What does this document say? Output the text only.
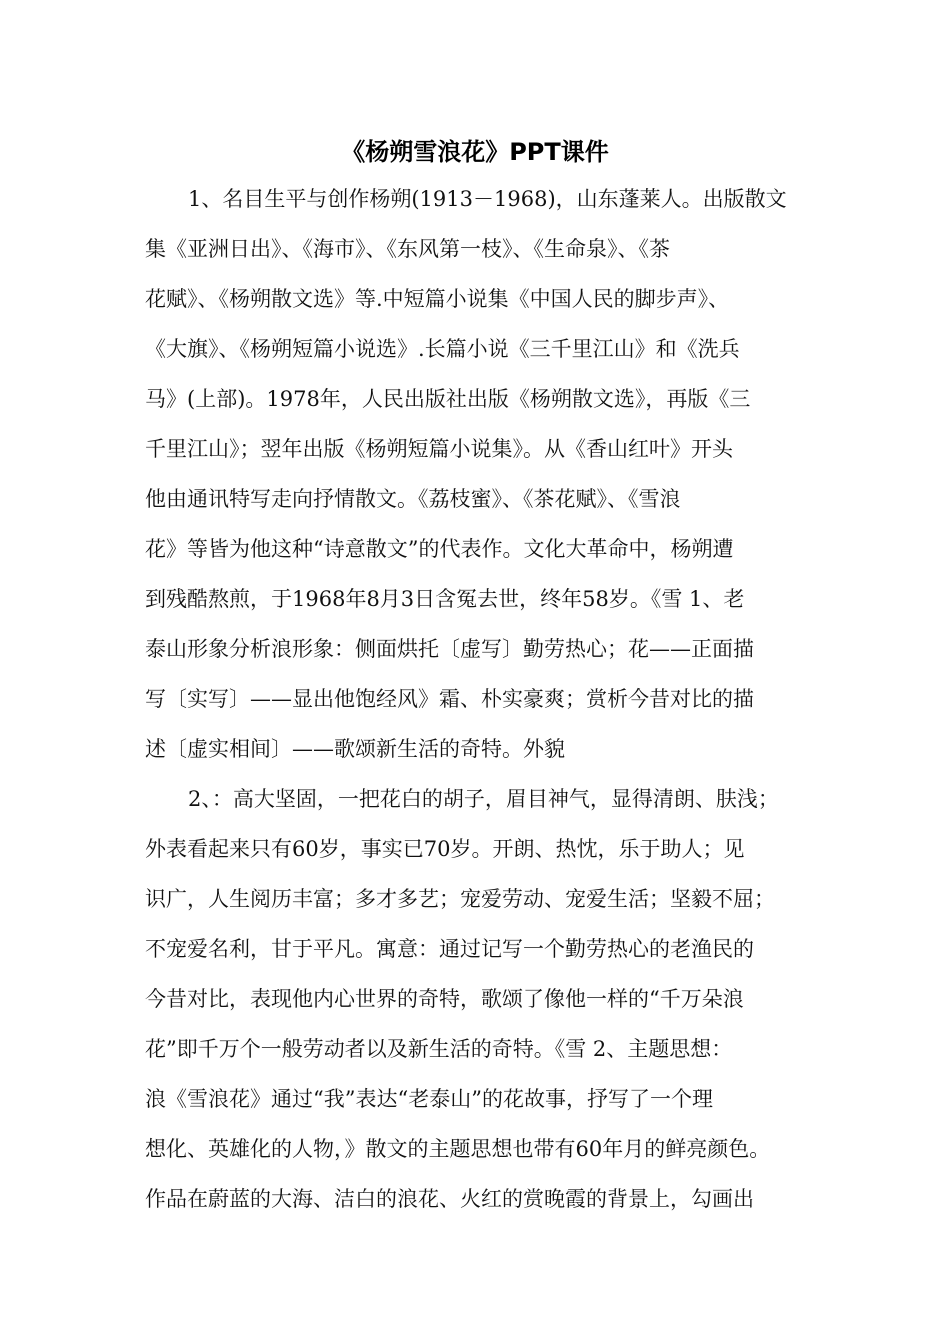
《杨朔雪浪花》PPT课件
1、名目生平与创作杨朔(1913－1968)，山东蓬莱人。出版散文
集《亚洲日出》、《海市》、《东风第一枝》、《生命泉》、《茶
花赋》、《杨朔散文选》等.中短篇小说集《中国人民的脚步声》、
《大旗》、《杨朔短篇小说选》.长篇小说《三千里江山》和《洗兵
马》(上部)。1978年，人民出版社出版《杨朔散文选》，再版《三
千里江山》；翌年出版《杨朔短篇小说集》。从《香山红叶》开头
他由通讯特写走向抒情散文。《荔枝蜜》、《茶花赋》、《雪浪
花》等皆为他这种“诗意散文”的代表作。文化大革命中，杨朔遭
到残酷熬煎，于1968年8月3日含冤去世，终年58岁。《雪 1、老
泰山形象分析浪形象：侧面烘托〔虚写〕勤劳热心；花——正面描
写〔实写〕——显出他饱经风》霜、朴实豪爽；赏析今昔对比的描
述〔虚实相间〕——歌颂新生活的奇特。外貌
2、：高大坚固，一把花白的胡子，眉目神气，显得清朗、肤浅；
外表看起来只有60岁，事实已70岁。开朗、热忱，乐于助人；见
识广，人生阅历丰富；多才多艺；宠爱劳动、宠爱生活；坚毅不屈；
不宠爱名利，甘于平凡。寓意：通过记写一个勤劳热心的老渔民的
今昔对比，表现他内心世界的奇特，歌颂了像他一样的“千万朵浪
花”即千万个一般劳动者以及新生活的奇特。《雪 2、主题思想：
浪《雪浪花》通过“我”表达“老泰山”的花故事，抒写了一个理
想化、英雄化的人物，》散文的主题思想也带有60年月的鲜亮颜色。
作品在蔚蓝的大海、洁白的浪花、火红的赏晚霞的背景上，勾画出
